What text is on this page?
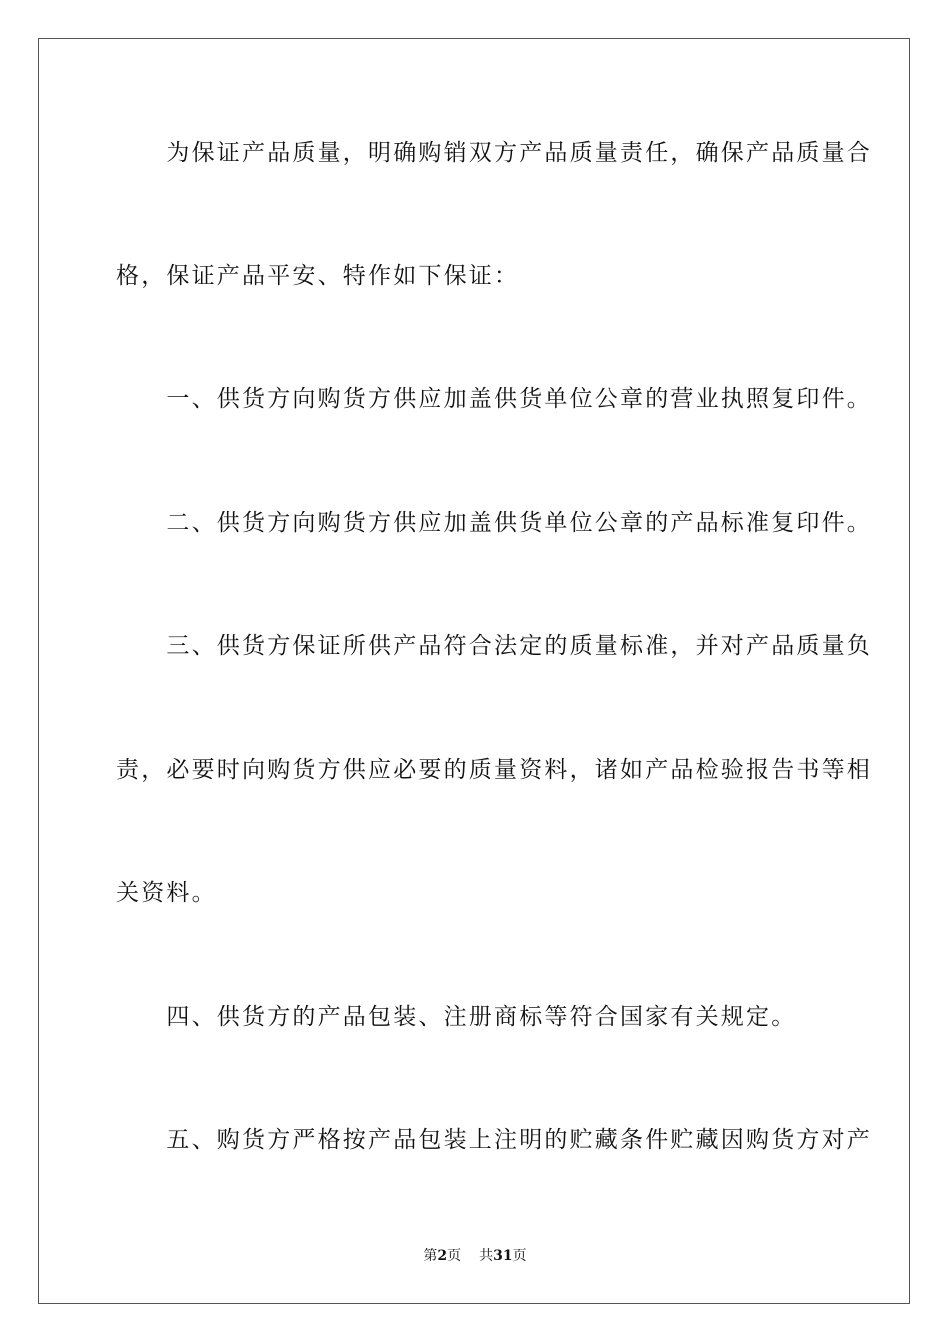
　　为保证产品质量，明确购销双方产品质量责任，确保产品质量合
格，保证产品平安、特作如下保证：
　　一、供货方向购货方供应加盖供货单位公章的营业执照复印件。
　　二、供货方向购货方供应加盖供货单位公章的产品标准复印件。
　　三、供货方保证所供产品符合法定的质量标准，并对产品质量负
责，必要时向购货方供应必要的质量资料，诸如产品检验报告书等相
关资料。
　　四、供货方的产品包装、注册商标等符合国家有关规定。
　　五、购货方严格按产品包装上注明的贮藏条件贮藏因购货方对产
第2页 共31页
